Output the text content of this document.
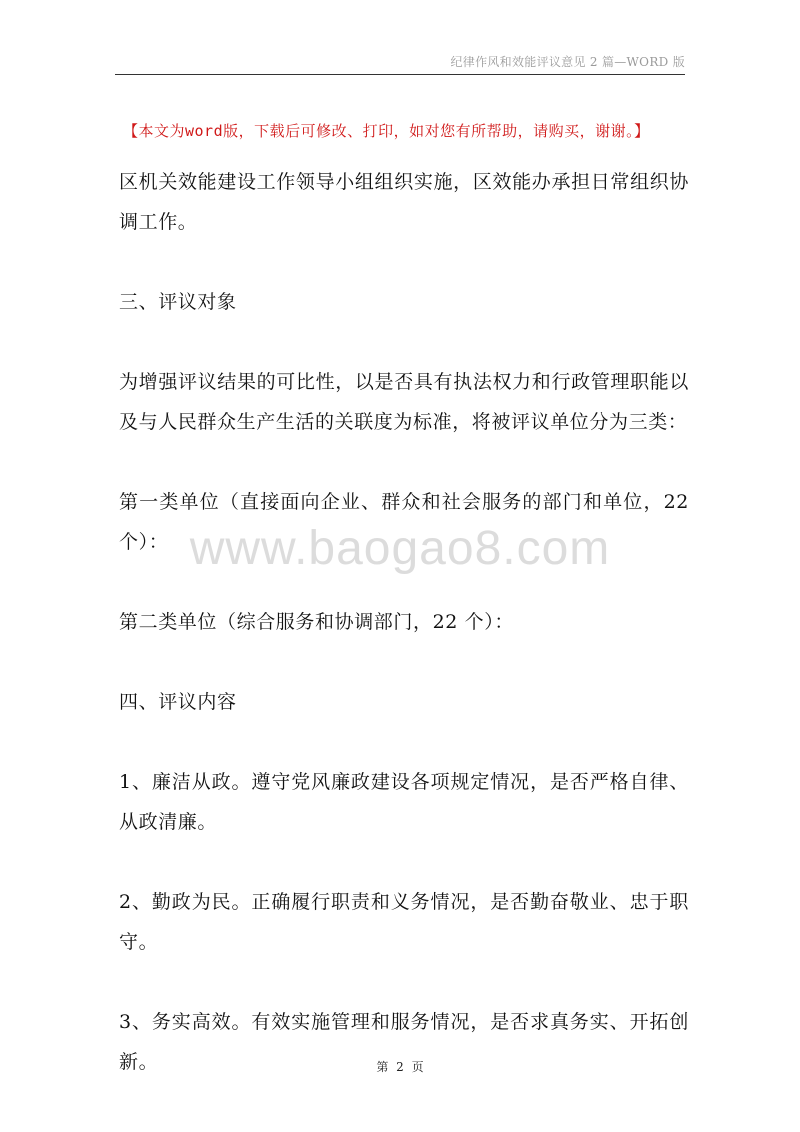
纪律作风和效能评议意见 2 篇—WORD 版
【本文为word版，下载后可修改、打印，如对您有所帮助，请购买，谢谢。】

区机关效能建设工作领导小组组织实施，区效能办承担日常组织协调工作。

三、评议对象

为增强评议结果的可比性，以是否具有执法权力和行政管理职能以及与人民群众生产生活的关联度为标准，将被评议单位分为三类：

第一类单位（直接面向企业、群众和社会服务的部门和单位，22 个）：

第二类单位（综合服务和协调部门，22 个）：

四、评议内容

1、廉洁从政。遵守党风廉政建设各项规定情况，是否严格自律、从政清廉。

2、勤政为民。正确履行职责和义务情况，是否勤奋敬业、忠于职守。

3、务实高效。有效实施管理和服务情况，是否求真务实、开拓创新。

www.baogao8.com
第 2 页
